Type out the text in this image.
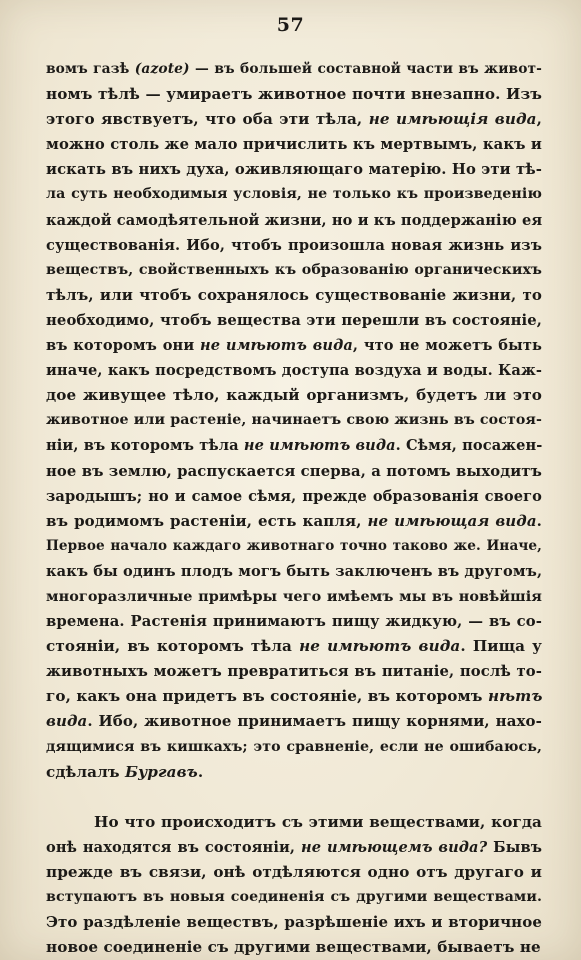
57
вомъ газѣ (azote) — въ большей составной части въ живот-
номъ тѣлѣ — умираетъ животное почти внезапно. Изъ
этого явствуетъ, что оба эти тѣла, не имѣющія вида,
можно столь же мало причислить къ мертвымъ, какъ и
искать въ нихъ духа, оживляющаго матерію. Но эти тѣ-
ла суть необходимыя условія, не только къ произведенію
каждой самодѣятельной жизни, но и къ поддержанію ея
существованія. Ибо, чтобъ произошла новая жизнь изъ
веществъ, свойственныхъ къ образованію органическихъ
тѣлъ, или чтобъ сохранялось существованіе жизни, то
необходимо, чтобъ вещества эти перешли въ состояніе,
въ которомъ они не имѣютъ вида, что не можетъ быть
иначе, какъ посредствомъ доступа воздуха и воды. Каж-
дое живущее тѣло, каждый организмъ, будетъ ли это
животное или растеніе, начинаетъ свою жизнь въ состоя-
ніи, въ которомъ тѣла не имѣютъ вида. Сѣмя, посажен-
ное въ землю, распускается сперва, а потомъ выходитъ
зародышъ; но и самое сѣмя, прежде образованія своего
въ родимомъ растеніи, есть капля, не имѣющая вида.
Первое начало каждаго животнаго точно таково же. Иначе,
какъ бы одинъ плодъ могъ быть заключенъ въ другомъ,
многоразличные примѣры чего имѣемъ мы въ новѣйшія
времена. Растенія принимаютъ пищу жидкую, — въ со-
стояніи, въ которомъ тѣла не имѣютъ вида. Пища у
животныхъ можетъ превратиться въ питаніе, послѣ то-
го, какъ она придетъ въ состояніе, въ которомъ нѣтъ
вида. Ибо, животное принимаетъ пищу корнями, нахо-
дящимися въ кишкахъ; это сравненіе, если не ошибаюсь,
сдѣлалъ Бургавъ.
Но что происходитъ съ этими веществами, когда
онѣ находятся въ состояніи, не имѣющемъ вида? Бывъ
прежде въ связи, онѣ отдѣляются одно отъ другаго и
вступаютъ въ новыя соединенія съ другими веществами.
Это раздѣленіе веществъ, разрѣшеніе ихъ и вторичное
новое соединеніе съ другими веществами, бываетъ не
